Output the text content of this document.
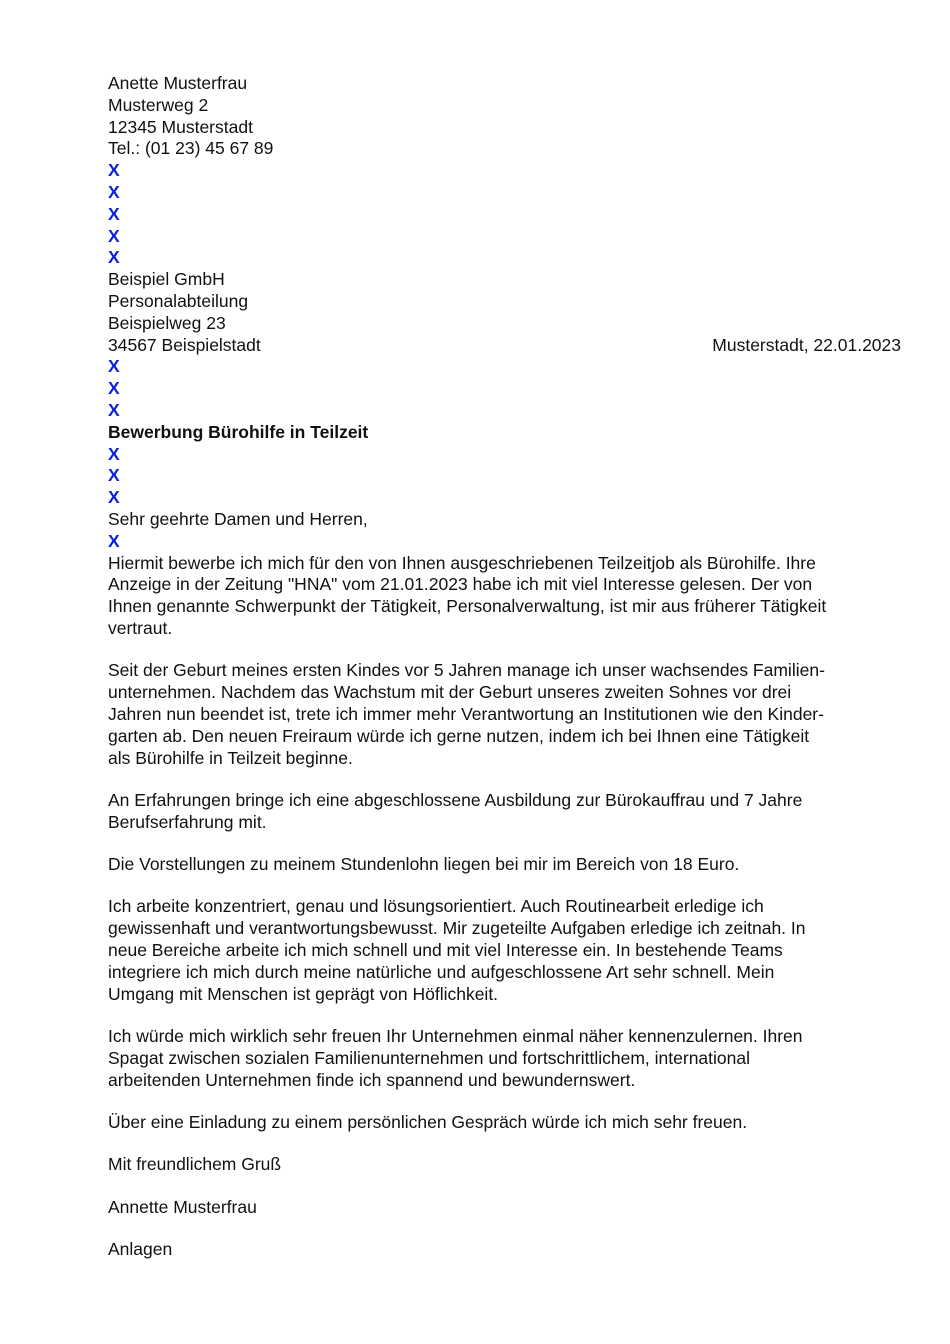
Anette Musterfrau
Musterweg 2
12345 Musterstadt
Tel.: (01 23) 45 67 89
X
X
X
X
X
Beispiel GmbH
Personalabteilung
Beispielweg 23
34567 Beispielstadt	Musterstadt, 22.01.2023
X
X
X
Bewerbung Bürohilfe in Teilzeit
X
X
X
Sehr geehrte Damen und Herren,
X
Hiermit bewerbe ich mich für den von Ihnen ausgeschriebenen Teilzeitjob als Bürohilfe. Ihre
Anzeige in der Zeitung "HNA" vom 21.01.2023 habe ich mit viel Interesse gelesen. Der von
Ihnen genannte Schwerpunkt der Tätigkeit, Personalverwaltung, ist mir aus früherer Tätigkeit
vertraut.
Seit der Geburt meines ersten Kindes vor 5 Jahren manage ich unser wachsendes Familien-
unternehmen. Nachdem das Wachstum mit der Geburt unseres zweiten Sohnes vor drei
Jahren nun beendet ist, trete ich immer mehr Verantwortung an Institutionen wie den Kinder-
garten ab. Den neuen Freiraum würde ich gerne nutzen, indem ich bei Ihnen eine Tätigkeit
als Bürohilfe in Teilzeit beginne.
An Erfahrungen bringe ich eine abgeschlossene Ausbildung zur Bürokauffrau und 7 Jahre
Berufserfahrung mit.
Die Vorstellungen zu meinem Stundenlohn liegen bei mir im Bereich von 18 Euro.
Ich arbeite konzentriert, genau und lösungsorientiert. Auch Routinearbeit erledige ich
gewissenhaft und verantwortungsbewusst. Mir zugeteilte Aufgaben erledige ich zeitnah. In
neue Bereiche arbeite ich mich schnell und mit viel Interesse ein. In bestehende Teams
integriere ich mich durch meine natürliche und aufgeschlossene Art sehr schnell. Mein
Umgang mit Menschen ist geprägt von Höflichkeit.
Ich würde mich wirklich sehr freuen Ihr Unternehmen einmal näher kennenzulernen. Ihren
Spagat zwischen sozialen Familienunternehmen und fortschrittlichem, international
arbeitenden Unternehmen finde ich spannend und bewundernswert.
Über eine Einladung zu einem persönlichen Gespräch würde ich mich sehr freuen.
Mit freundlichem Gruß
Annette Musterfrau
Anlagen
